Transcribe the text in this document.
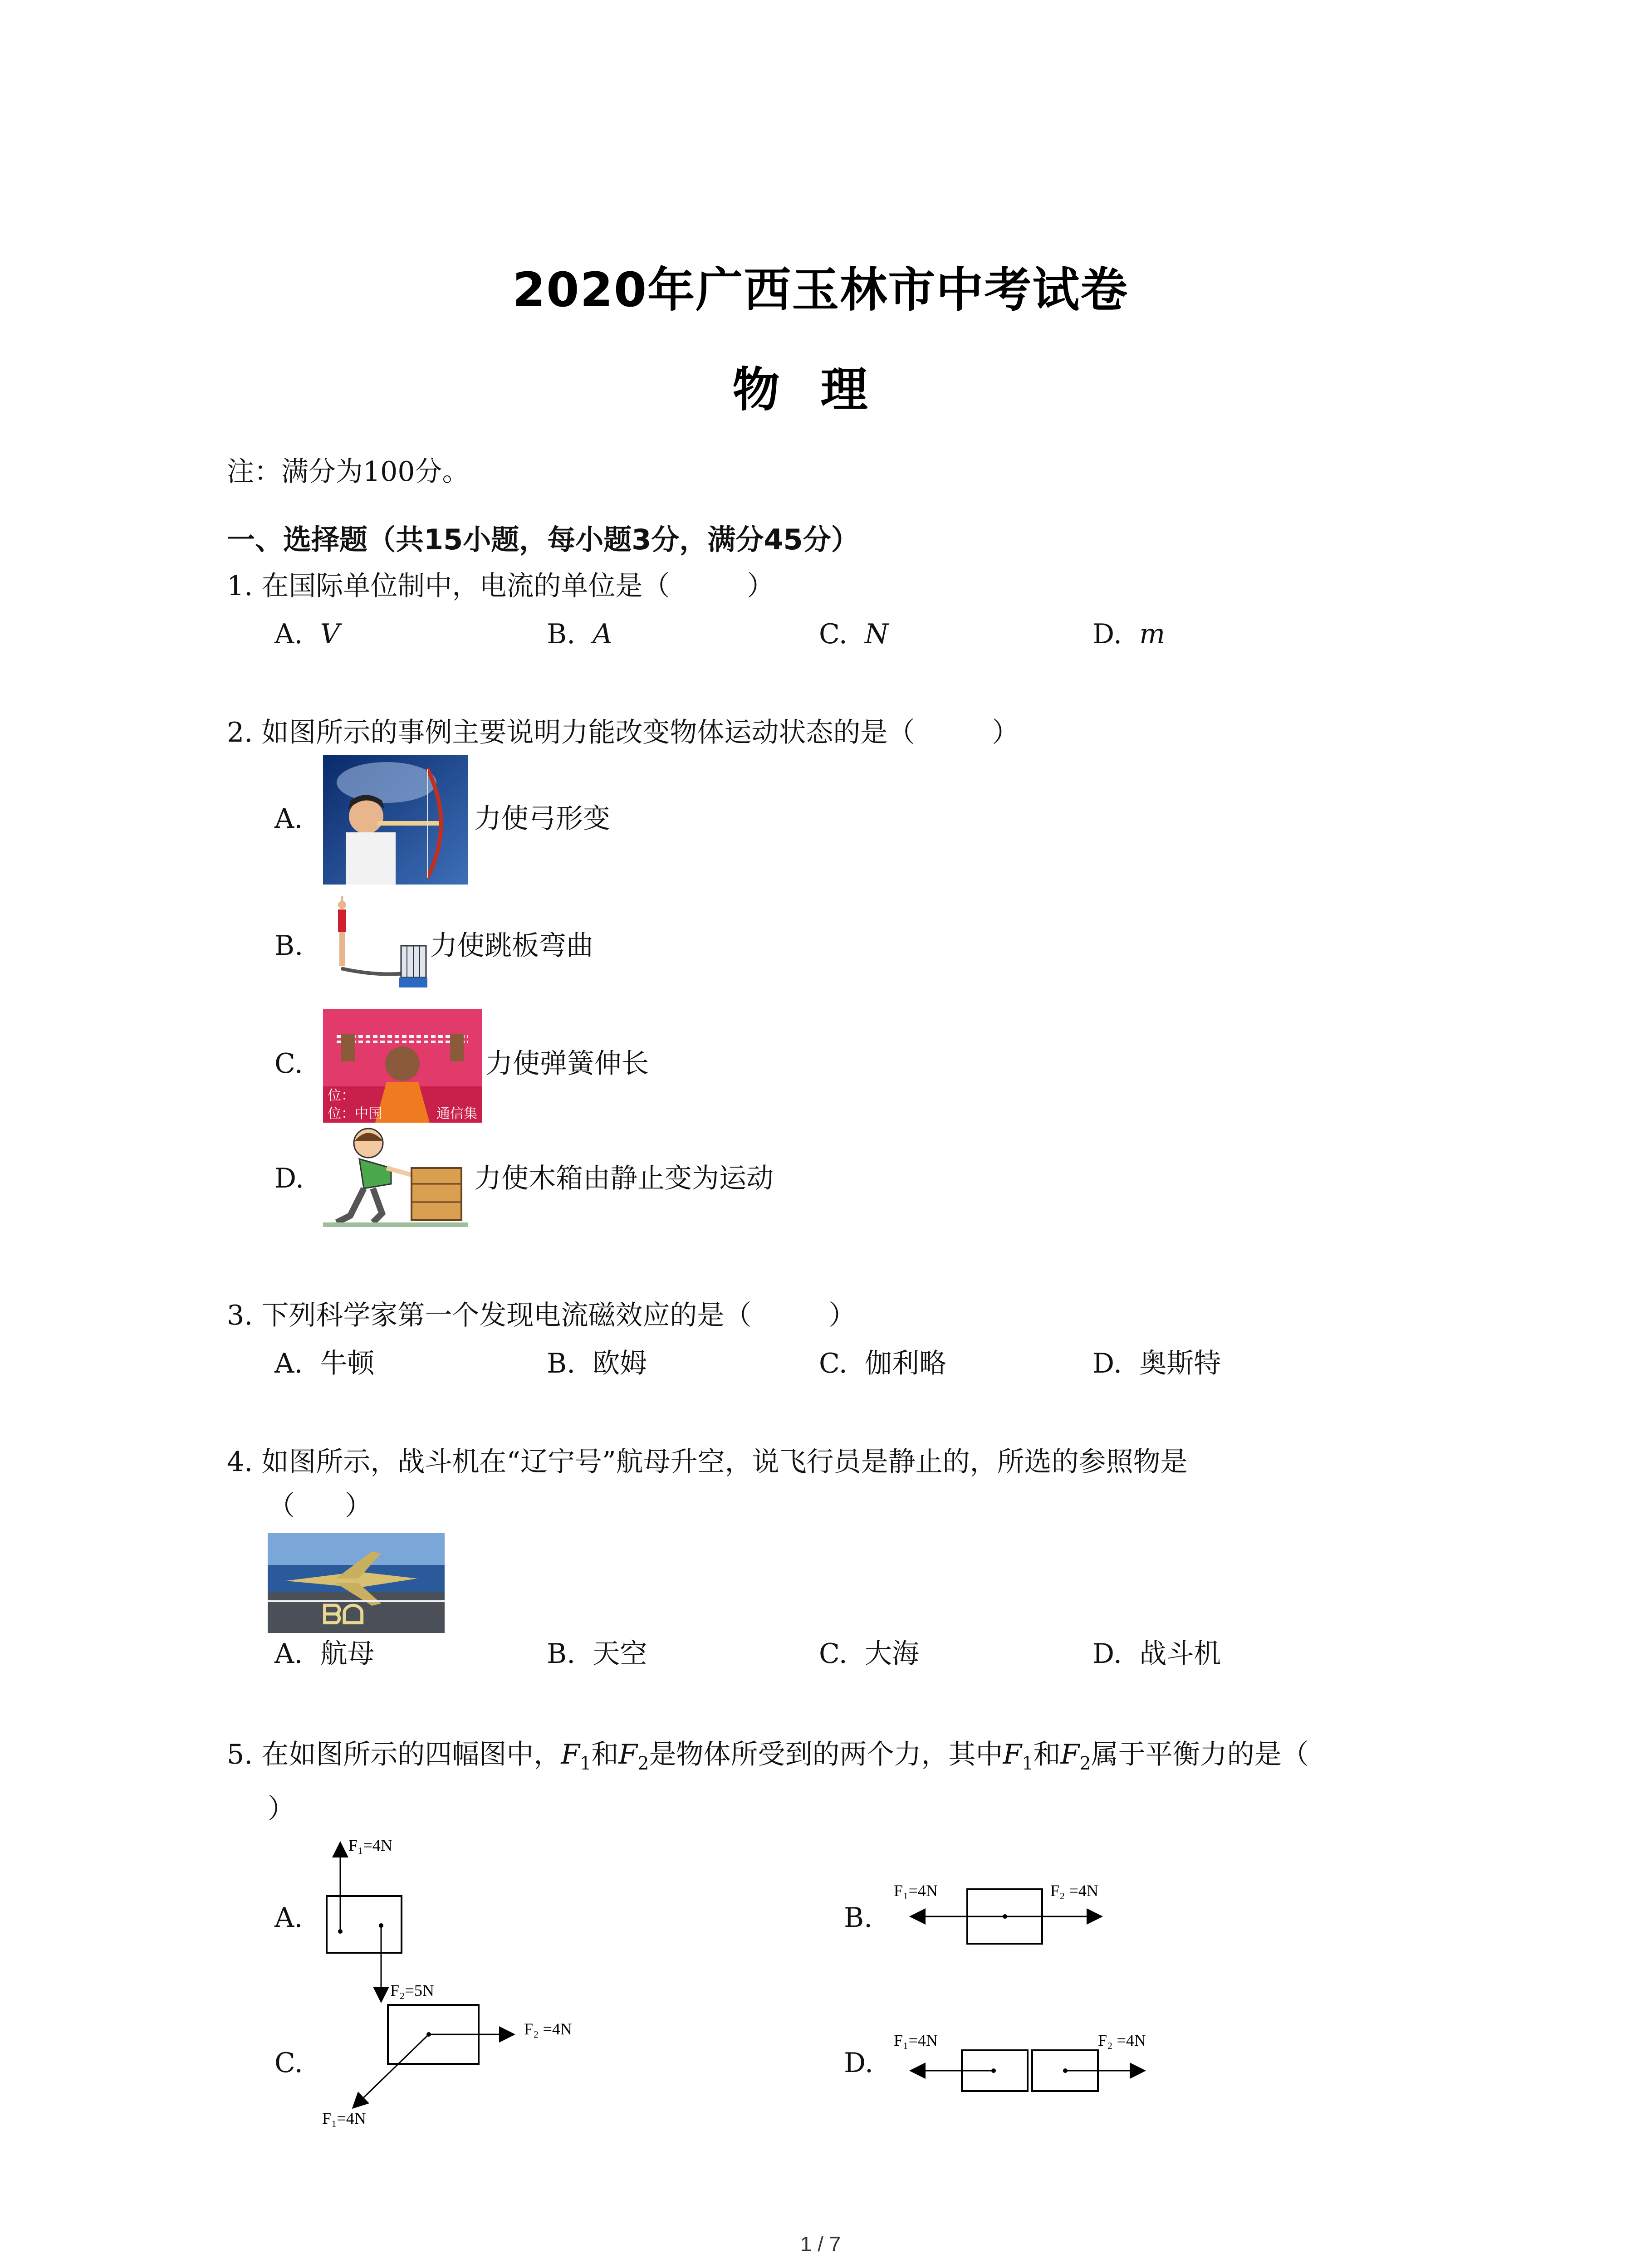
2020年广西玉林市中考试卷
物理
注：满分为100分。
一、选择题（共15小题，每小题3分，满分45分）
1. 在国际单位制中，电流的单位是（	）
A. V	B. A	C. N	D. m
2. 如图所示的事例主要说明力能改变物体运动状态的是（	）
A.	力使弓形变
B.	力使跳板弯曲
C.
位：
位：中国	通信集
力使弹簧伸长
D.	力使木箱由静止变为运动
3. 下列科学家第一个发现电流磁效应的是（	）
A. 牛顿	B. 欧姆	C. 伽利略	D. 奥斯特
4. 如图所示，战斗机在“辽宁号”航母升空，说飞行员是静止的，所选的参照物是
（ ）
ᗷᗝ
A. 航母	B. 天空	C. 大海	D. 战斗机
5. 在如图所示的四幅图中，$F_1$和$F_2$是物体所受到的两个力，其中$F_1$和$F_2$属于平衡力的是（
）
A.
F₁=4N
F₂=5N
B.
F₁=4N	F₂ =4N
C.
F₂ =4N
F₁=4N
D.
F₁=4N	F₂ =4N
1 / 7
